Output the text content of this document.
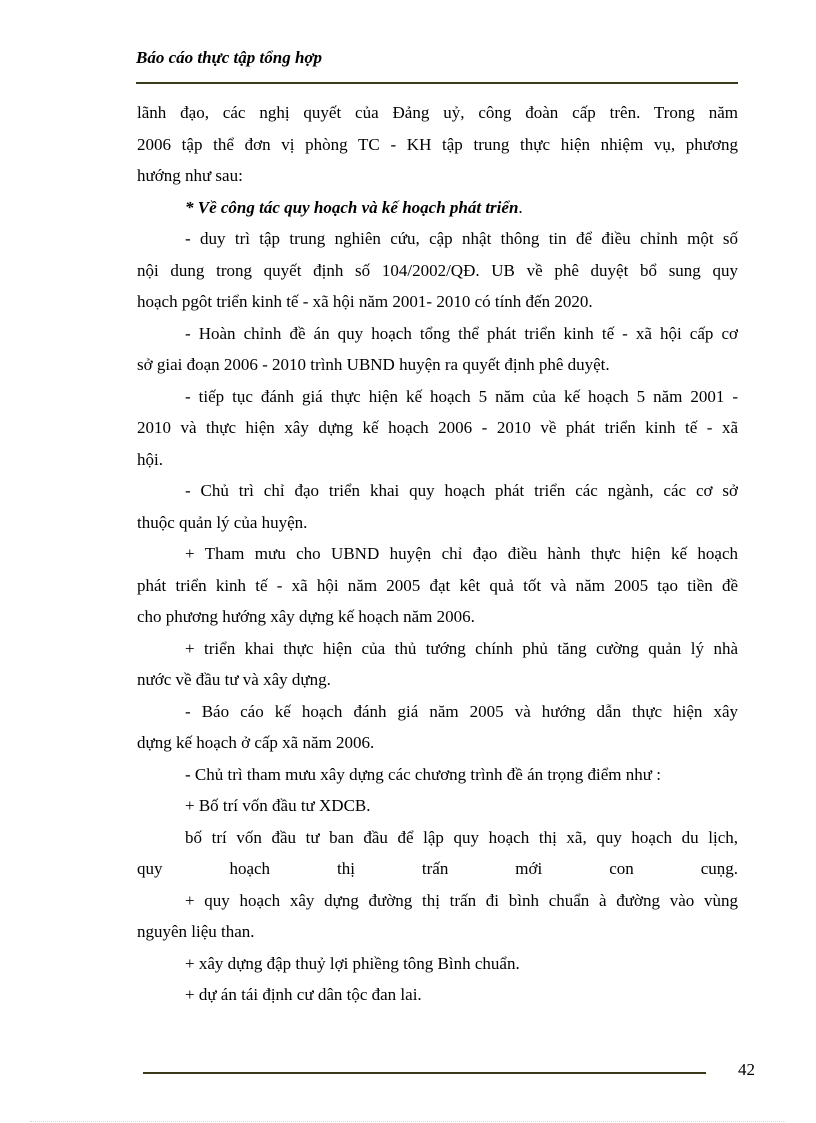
Báo cáo thực tập tổng hợp
lãnh đạo, các nghị quyết của Đảng uỷ, công đoàn cấp trên. Trong năm
2006 tập thể đơn vị phòng TC - KH tập trung thực hiện nhiệm vụ, phương
hướng như sau:
* Về công tác quy hoạch và kế hoạch phát triển.
- duy trì tập trung nghiên cứu, cập nhật thông tin để điều chỉnh một số
nội dung trong quyết định số 104/2002/QĐ. UB về phê duyệt bổ sung quy
hoạch pgôt triển kinh tế - xã hội năm 2001- 2010 có tính đến 2020.
- Hoàn chỉnh đề án quy hoạch tổng thể phát triển kinh tế - xã hội cấp cơ
sở giai đoạn 2006 - 2010 trình UBND huyện ra quyết định phê duyệt.
- tiếp tục đánh giá thực hiện kế hoạch 5 năm của kế hoạch 5 năm 2001 -
2010 và thực hiện xây dựng kế hoạch 2006 - 2010 về phát triển kinh tế - xã
hội.
- Chủ trì chỉ đạo triển khai quy hoạch phát triển các ngành, các cơ sở
thuộc quản lý của huyện.
+ Tham mưu cho UBND huyện chỉ đạo điều hành thực hiện kế hoạch
phát triển kinh tế - xã hội năm 2005 đạt kêt quả tốt và năm 2005 tạo tiền đề
cho phương hướng xây dựng kế hoạch năm 2006.
+ triển khai thực hiện của thủ tướng chính phủ tăng cường quản lý nhà
nước về đầu tư và xây dựng.
- Báo cáo kế hoạch đánh giá năm 2005 và hướng dẫn thực hiện xây
dựng kế hoạch ở cấp xã năm 2006.
- Chủ trì tham mưu xây dựng các chương trình đề án trọng điểm như :
+ Bố trí vốn đầu tư XDCB.
bố trí vốn đầu tư ban đầu để lập quy hoạch thị xã, quy hoạch du lịch,
quy hoạch thị trấn mới con cuṇg.
+ quy hoạch xây dựng đường thị trấn đi bình chuẩn à đường vào vùng
nguyên liệu than.
+ xây dựng đập thuỷ lợi phiềng tông Bình chuẩn.
+ dự án tái định cư dân tộc đan lai.
42
